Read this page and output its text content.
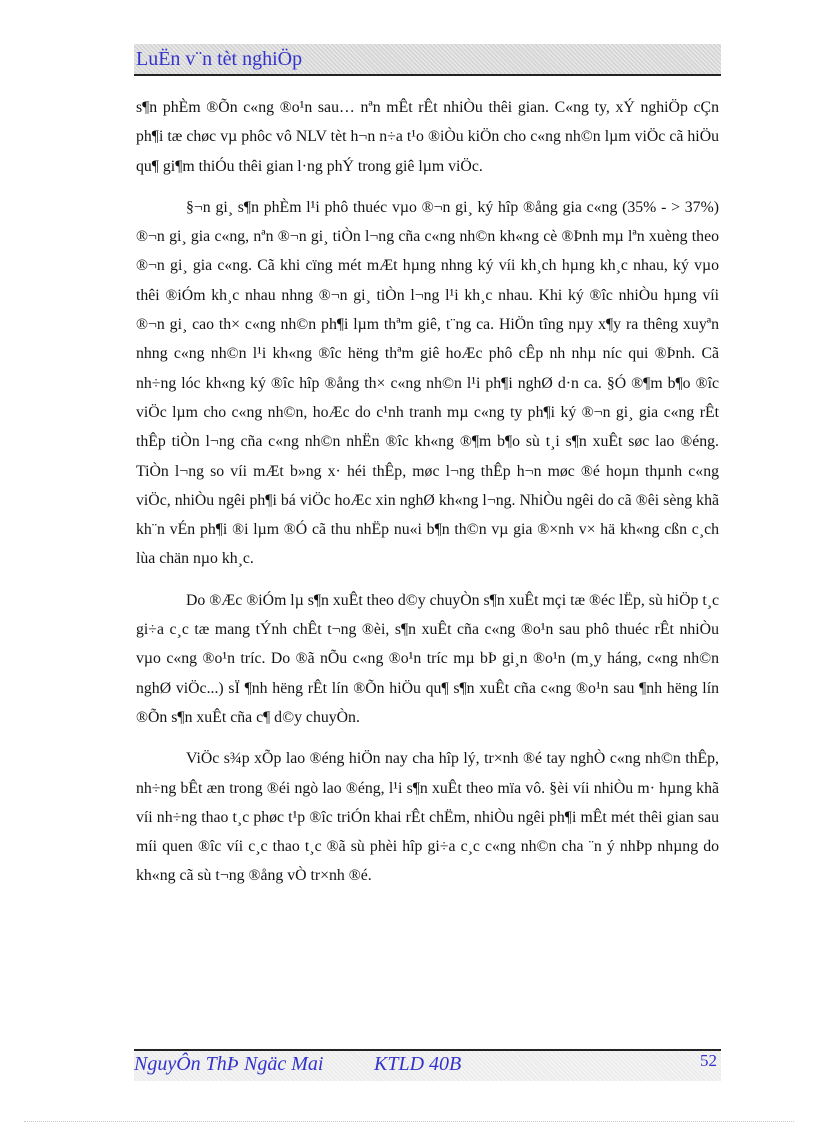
LuËn v¨n tèt nghiÖp

s¶n phÈm ®Õn c«ng ®o¹n sau… nªn mÊt rÊt nhiÒu thêi gian. C«ng ty, xÝ nghiÖp cÇn ph¶i tæ chøc vµ phôc vô NLV tèt h¬n n÷a t¹o ®iÒu kiÖn cho c«ng nh©n lµm viÖc cã hiÖu qu¶ gi¶m thiÓu thêi gian l·ng phÝ trong giê lµm viÖc.

§¬n gi¸ s¶n phÈm l¹i phô thuéc vµo ®¬n gi¸ ký hîp ®ång gia c«ng (35% - > 37%) ®¬n gi¸ gia c«ng, nªn ®¬n gi¸ tiÒn l¬ng cña c«ng nh©n kh«ng cè ®Þnh mµ lªn xuèng theo ®¬n gi¸ gia c«ng. Cã khi cïng mét mÆt hµng nhng ký víi kh¸ch hµng kh¸c nhau, ký vµo thêi ®iÓm kh¸c nhau nhng ®¬n gi¸ tiÒn l¬ng l¹i kh¸c nhau. Khi ký ®îc nhiÒu hµng víi ®¬n gi¸ cao th× c«ng nh©n ph¶i lµm thªm giê, t¨ng ca. HiÖn tîng nµy x¶y ra thêng xuyªn nhng c«ng nh©n l¹i kh«ng ®îc hëng thªm giê hoÆc phô cÊp nh nhµ níc qui ®Þnh. Cã nh÷ng lóc kh«ng ký ®îc hîp ®ång th× c«ng nh©n l¹i ph¶i nghØ d·n ca. §Ó ®¶m b¶o ®îc viÖc lµm cho c«ng nh©n, hoÆc do c¹nh tranh mµ c«ng ty ph¶i ký ®¬n gi¸ gia c«ng rÊt thÊp tiÒn l¬ng cña c«ng nh©n nhËn ®îc kh«ng ®¶m b¶o sù t¸i s¶n xuÊt søc lao ®éng. TiÒn l¬ng so víi mÆt b»ng x· héi thÊp, møc l¬ng thÊp h¬n møc ®é hoµn thµnh c«ng viÖc, nhiÒu ngêi ph¶i bá viÖc hoÆc xin nghØ kh«ng l¬ng. NhiÒu ngêi do cã ®êi sèng khã kh¨n vÉn ph¶i ®i lµm ®Ó cã thu nhËp nu«i b¶n th©n vµ gia ®×nh v× hä kh«ng cßn c¸ch lùa chän nµo kh¸c.

Do ®Æc ®iÓm lµ s¶n xuÊt theo d©y chuyÒn s¶n xuÊt mçi tæ ®éc lËp, sù hiÖp t¸c gi÷a c¸c tæ mang tÝnh chÊt t¬ng ®èi, s¶n xuÊt cña c«ng ®o¹n sau phô thuéc rÊt nhiÒu vµo c«ng ®o¹n tríc. Do ®ã nÕu c«ng ®o¹n tríc mµ bÞ gi¸n ®o¹n (m¸y háng, c«ng nh©n nghØ viÖc...) sÏ ¶nh hëng rÊt lín ®Õn hiÖu qu¶ s¶n xuÊt cña c«ng ®o¹n sau ¶nh hëng lín ®Õn s¶n xuÊt cña c¶ d©y chuyÒn.

ViÖc s¾p xÕp lao ®éng hiÖn nay cha hîp lý, tr×nh ®é tay nghÒ c«ng nh©n thÊp, nh÷ng bÊt æn trong ®éi ngò lao ®éng, l¹i s¶n xuÊt theo mïa vô. §èi víi nhiÒu m· hµng khã víi nh÷ng thao t¸c phøc t¹p ®îc triÓn khai rÊt chËm, nhiÒu ngêi ph¶i mÊt mét thêi gian sau míi quen ®îc víi c¸c thao t¸c ®ã sù phèi hîp gi÷a c¸c c«ng nh©n cha ¨n ý nhÞp nhµng do kh«ng cã sù t¬ng ®ång vÒ tr×nh ®é.

NguyÔn ThÞ Ngäc Mai	KTLD 40B	52
